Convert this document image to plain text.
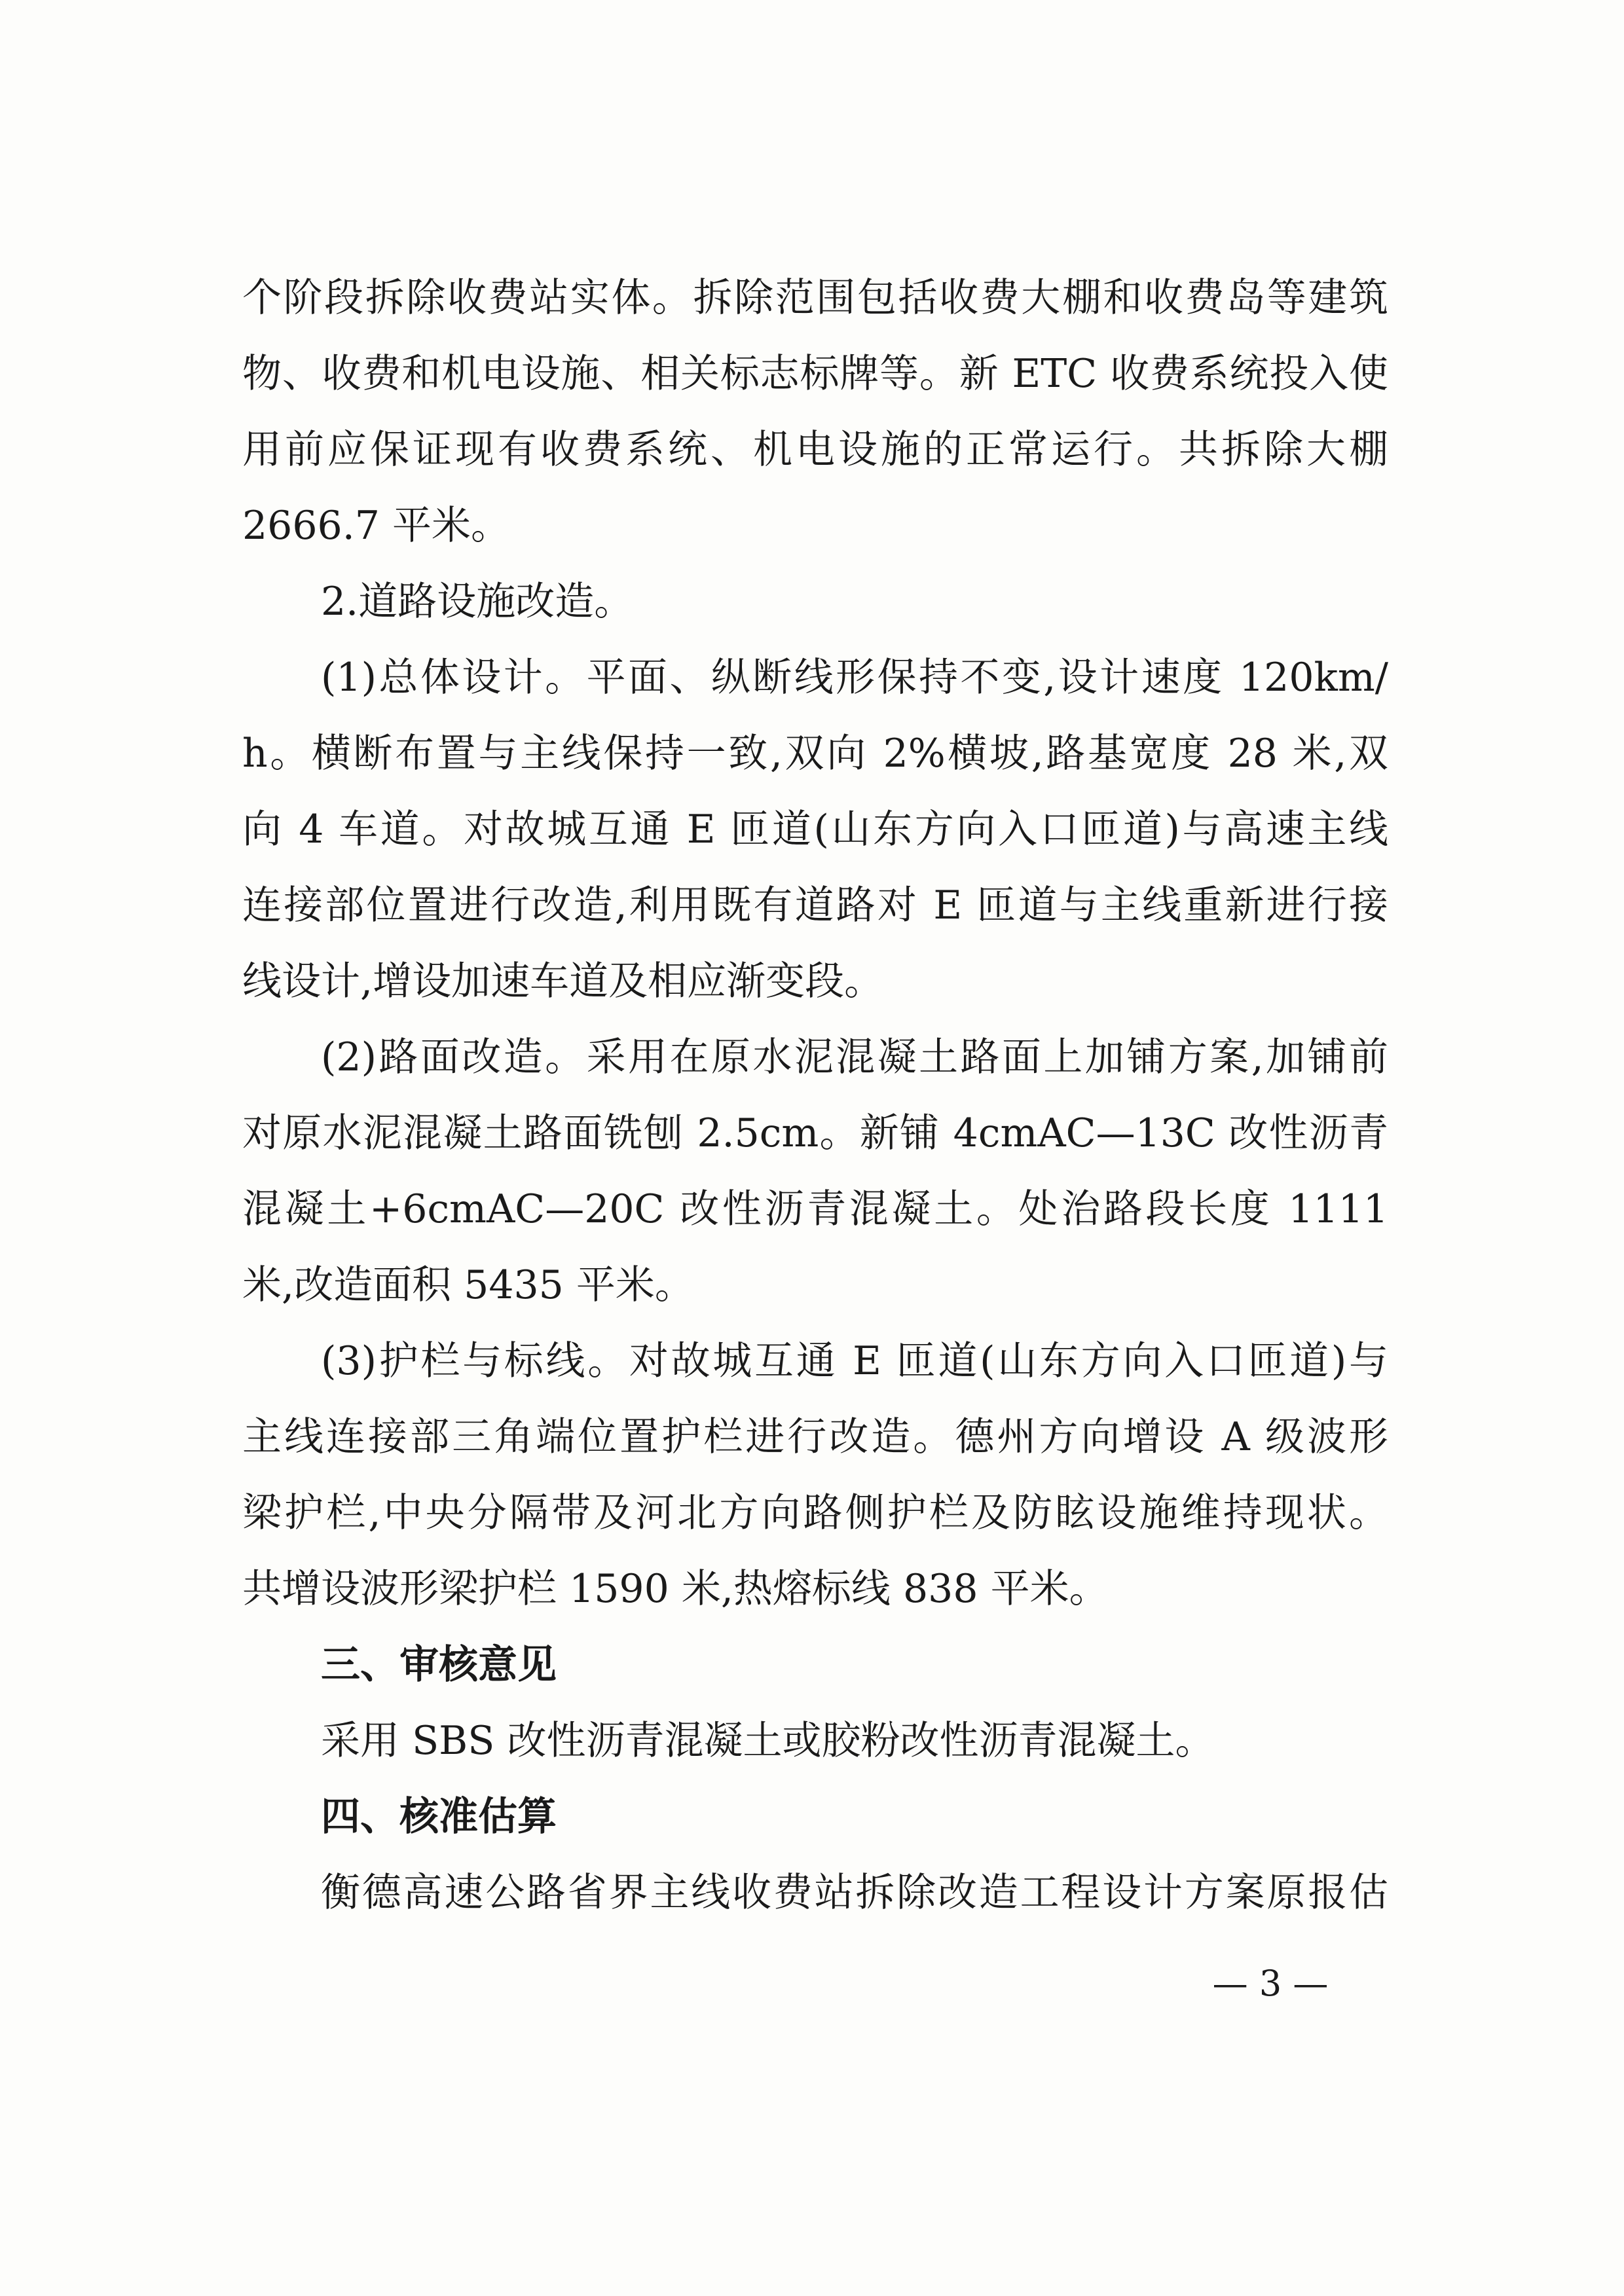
个阶段拆除收费站实体。拆除范围包括收费大棚和收费岛等建筑
物、收费和机电设施、相关标志标牌等。新 ETC 收费系统投入使
用前应保证现有收费系统、机电设施的正常运行。共拆除大棚
2666.7 平米。
2.道路设施改造。
(1)总体设计。平面、纵断线形保持不变,设计速度 120km/
h。横断布置与主线保持一致,双向 2%横坡,路基宽度 28 米,双
向 4 车道。对故城互通 E 匝道(山东方向入口匝道)与高速主线
连接部位置进行改造,利用既有道路对 E 匝道与主线重新进行接
线设计,增设加速车道及相应渐变段。
(2)路面改造。采用在原水泥混凝土路面上加铺方案,加铺前
对原水泥混凝土路面铣刨 2.5cm。新铺 4cmAC—13C 改性沥青
混凝土+6cmAC—20C 改性沥青混凝土。处治路段长度 1111
米,改造面积 5435 平米。
(3)护栏与标线。对故城互通 E 匝道(山东方向入口匝道)与
主线连接部三角端位置护栏进行改造。德州方向增设 A 级波形
梁护栏,中央分隔带及河北方向路侧护栏及防眩设施维持现状。
共增设波形梁护栏 1590 米,热熔标线 838 平米。
三、审核意见
采用 SBS 改性沥青混凝土或胶粉改性沥青混凝土。
四、核准估算
衡德高速公路省界主线收费站拆除改造工程设计方案原报估
— 3 —
